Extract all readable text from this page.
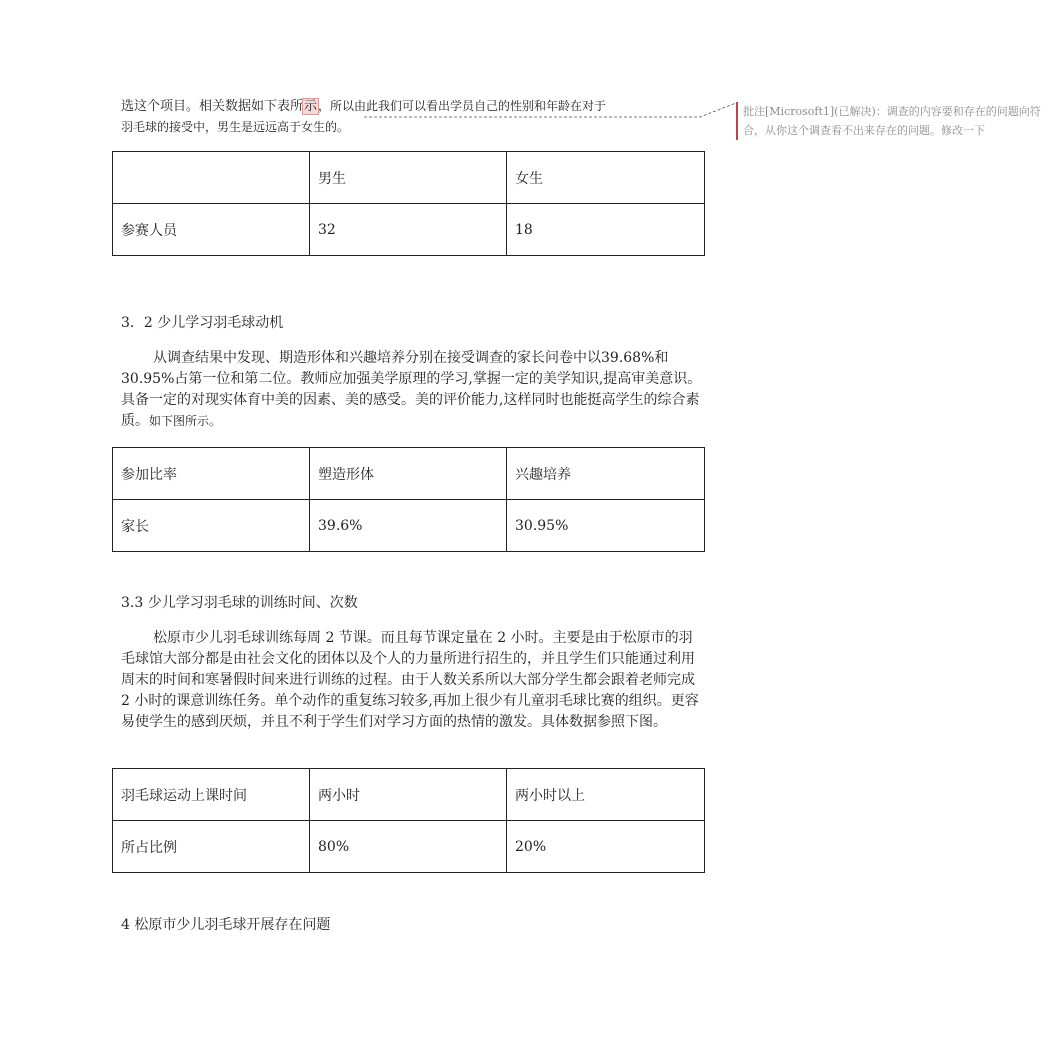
选这个项目。相关数据如下表所示，所以由此我们可以看出学员自己的性别和年龄在对于
羽毛球的接受中，男生是远远高于女生的。

	男生	女生
参赛人员	32	18

3．2 少儿学习羽毛球动机

从调查结果中发现、期造形体和兴趣培养分别在接受调查的家长问卷中以39.68%和 30.95%占第一位和第二位。教师应加强美学原理的学习,掌握一定的美学知识,提高审美意识。具备一定的对现实体育中美的因素、美的感受。美的评价能力,这样同时也能挺高学生的综合素质。如下图所示。

参加比率	塑造形体	兴趣培养
家长	39.6%	30.95%

3.3 少儿学习羽毛球的训练时间、次数

松原市少儿羽毛球训练每周 2 节课。而且每节课定量在 2 小时。主要是由于松原市的羽毛球馆大部分都是由社会文化的团体以及个人的力量所进行招生的，并且学生们只能通过利用周末的时间和寒暑假时间来进行训练的过程。由于人数关系所以大部分学生都会跟着老师完成 2 小时的课意训练任务。单个动作的重复练习较多,再加上很少有儿童羽毛球比赛的组织。更容易使学生的感到厌烦，并且不利于学生们对学习方面的热情的激发。具体数据参照下图。

羽毛球运动上课时间	两小时	两小时以上
所占比例	80%	20%

4 松原市少儿羽毛球开展存在问题

批注[Microsoft1](已解决)：调查的内容要和存在的问题向符合，从你这个调查看不出来存在的问题。修改一下
